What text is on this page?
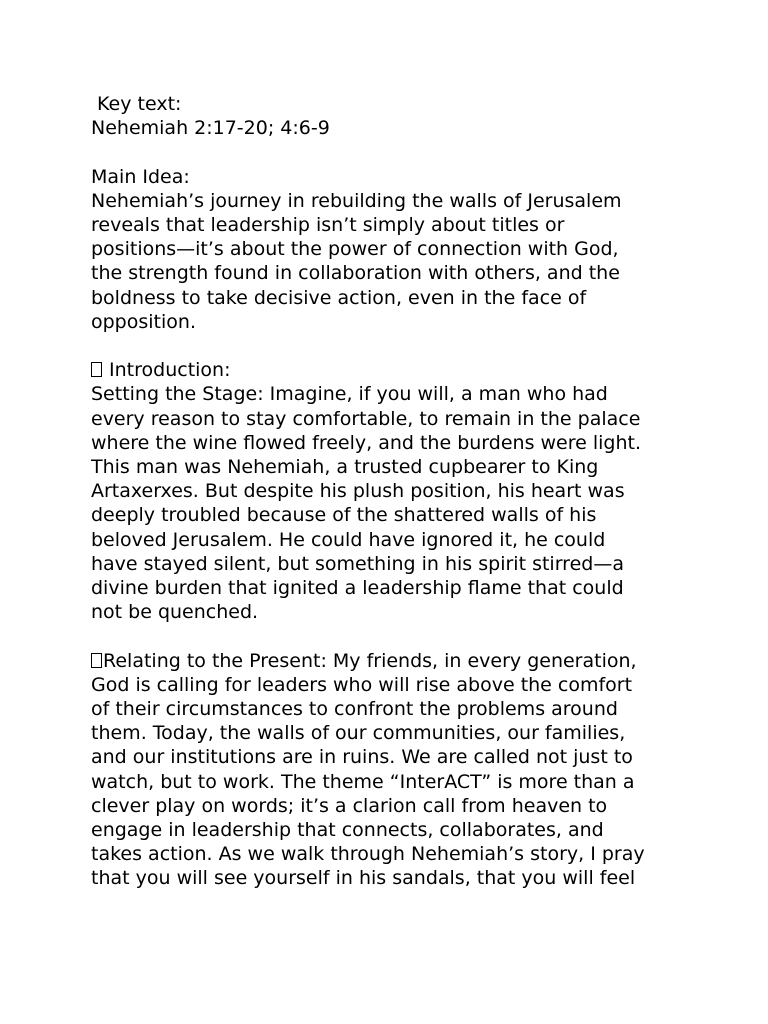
Key text:
Nehemiah 2:17-20; 4:6-9
Main Idea:
Nehemiah’s journey in rebuilding the walls of Jerusalem
reveals that leadership isn’t simply about titles or
positions—it’s about the power of connection with God,
the strength found in collaboration with others, and the
boldness to take decisive action, even in the face of
opposition.
Introduction:
Setting the Stage: Imagine, if you will, a man who had
every reason to stay comfortable, to remain in the palace
where the wine flowed freely, and the burdens were light.
This man was Nehemiah, a trusted cupbearer to King
Artaxerxes. But despite his plush position, his heart was
deeply troubled because of the shattered walls of his
beloved Jerusalem. He could have ignored it, he could
have stayed silent, but something in his spirit stirred—a
divine burden that ignited a leadership flame that could
not be quenched.
Relating to the Present: My friends, in every generation,
God is calling for leaders who will rise above the comfort
of their circumstances to confront the problems around
them. Today, the walls of our communities, our families,
and our institutions are in ruins. We are called not just to
watch, but to work. The theme “InterACT” is more than a
clever play on words; it’s a clarion call from heaven to
engage in leadership that connects, collaborates, and
takes action. As we walk through Nehemiah’s story, I pray
that you will see yourself in his sandals, that you will feel
